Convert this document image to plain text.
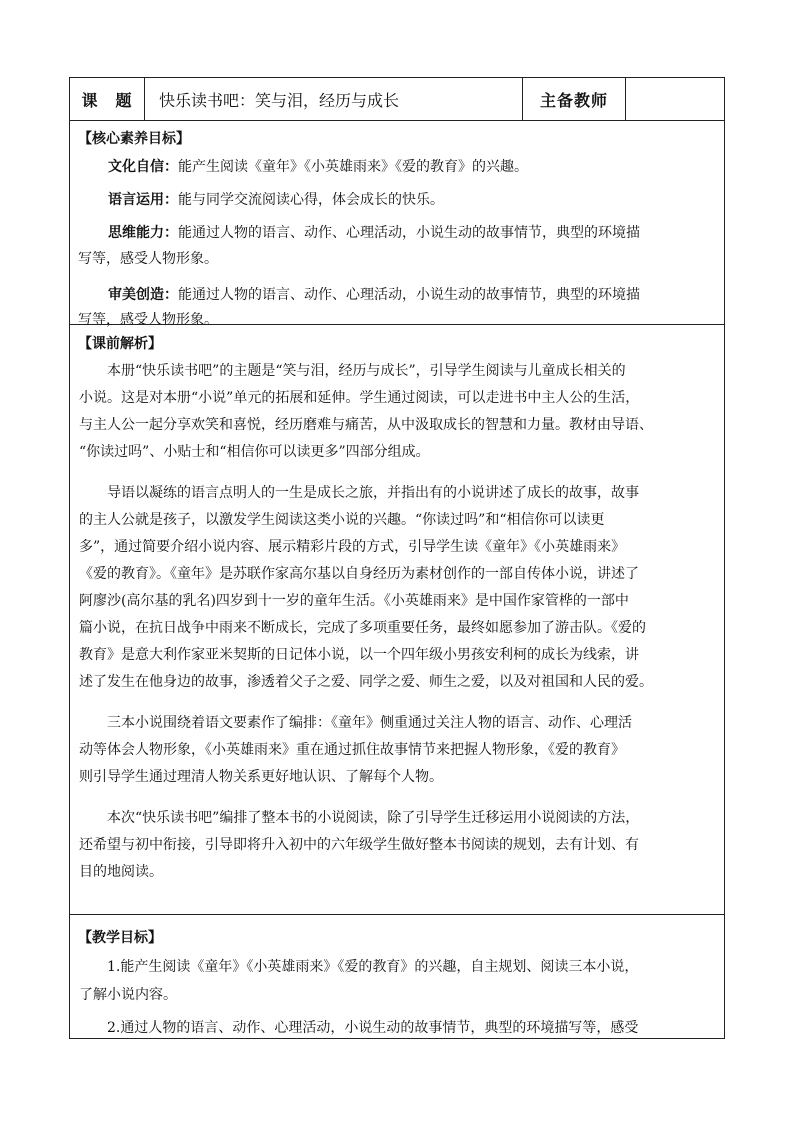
课　题 快乐读书吧：笑与泪，经历与成长	主备教师
【核心素养目标】
文化自信：能产生阅读《童年》《小英雄雨来》《爱的教育》的兴趣。
语言运用：能与同学交流阅读心得，体会成长的快乐。
思维能力：能通过人物的语言、动作、心理活动，小说生动的故事情节，典型的环境描
写等，感受人物形象。
审美创造：能通过人物的语言、动作、心理活动，小说生动的故事情节，典型的环境描
写等，感受人物形象。
【课前解析】
本册“快乐读书吧”的主题是“笑与泪，经历与成长”，引导学生阅读与儿童成长相关的
小说。这是对本册“小说”单元的拓展和延伸。学生通过阅读，可以走进书中主人公的生活，
与主人公一起分享欢笑和喜悦，经历磨难与痛苦，从中汲取成长的智慧和力量。教材由导语、
“你读过吗”、小贴士和“相信你可以读更多”四部分组成。
导语以凝练的语言点明人的一生是成长之旅，并指出有的小说讲述了成长的故事，故事
的主人公就是孩子，以激发学生阅读这类小说的兴趣。“你读过吗”和“相信你可以读更
多”，通过简要介绍小说内容、展示精彩片段的方式，引导学生读《童年》《小英雄雨来》
《爱的教育》。《童年》是苏联作家高尔基以自身经历为素材创作的一部自传体小说，讲述了
阿廖沙(高尔基的乳名)四岁到十一岁的童年生活。《小英雄雨来》是中国作家管桦的一部中
篇小说，在抗日战争中雨来不断成长，完成了多项重要任务，最终如愿参加了游击队。《爱的
教育》是意大利作家亚米契斯的日记体小说，以一个四年级小男孩安利柯的成长为线索，讲
述了发生在他身边的故事，渗透着父子之爱、同学之爱、师生之爱，以及对祖国和人民的爱。
三本小说围绕着语文要素作了编排：《童年》侧重通过关注人物的语言、动作、心理活
动等体会人物形象，《小英雄雨来》重在通过抓住故事情节来把握人物形象，《爱的教育》
则引导学生通过理清人物关系更好地认识、了解每个人物。
本次“快乐读书吧”编排了整本书的小说阅读，除了引导学生迁移运用小说阅读的方法，
还希望与初中衔接，引导即将升入初中的六年级学生做好整本书阅读的规划，去有计划、有
目的地阅读。
【教学目标】
1.能产生阅读《童年》《小英雄雨来》《爱的教育》的兴趣，自主规划、阅读三本小说，
了解小说内容。
2.通过人物的语言、动作、心理活动，小说生动的故事情节，典型的环境描写等，感受
